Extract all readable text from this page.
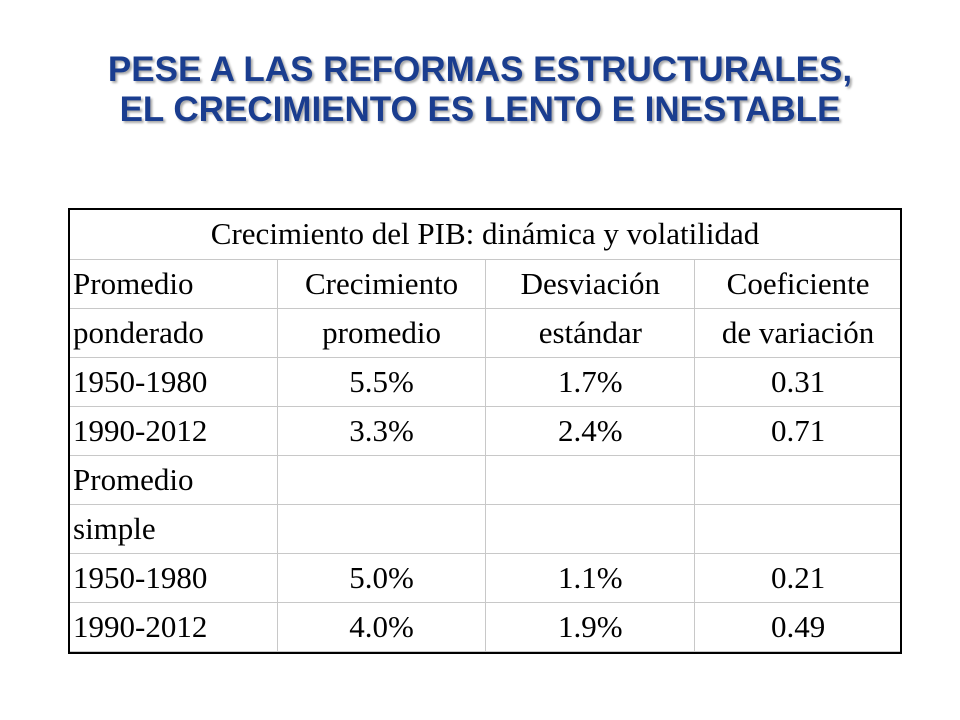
PESE A LAS REFORMAS ESTRUCTURALES,
EL CRECIMIENTO ES LENTO E INESTABLE
Crecimiento del PIB: dinámica y volatilidad			
Promedio	Crecimiento	Desviación	Coeficiente
ponderado	promedio	estándar	de variación
1950-1980	5.5%	1.7%	0.31
1990-2012	3.3%	2.4%	0.71
Promedio			
simple			
1950-1980	5.0%	1.1%	0.21
1990-2012	4.0%	1.9%	0.49
